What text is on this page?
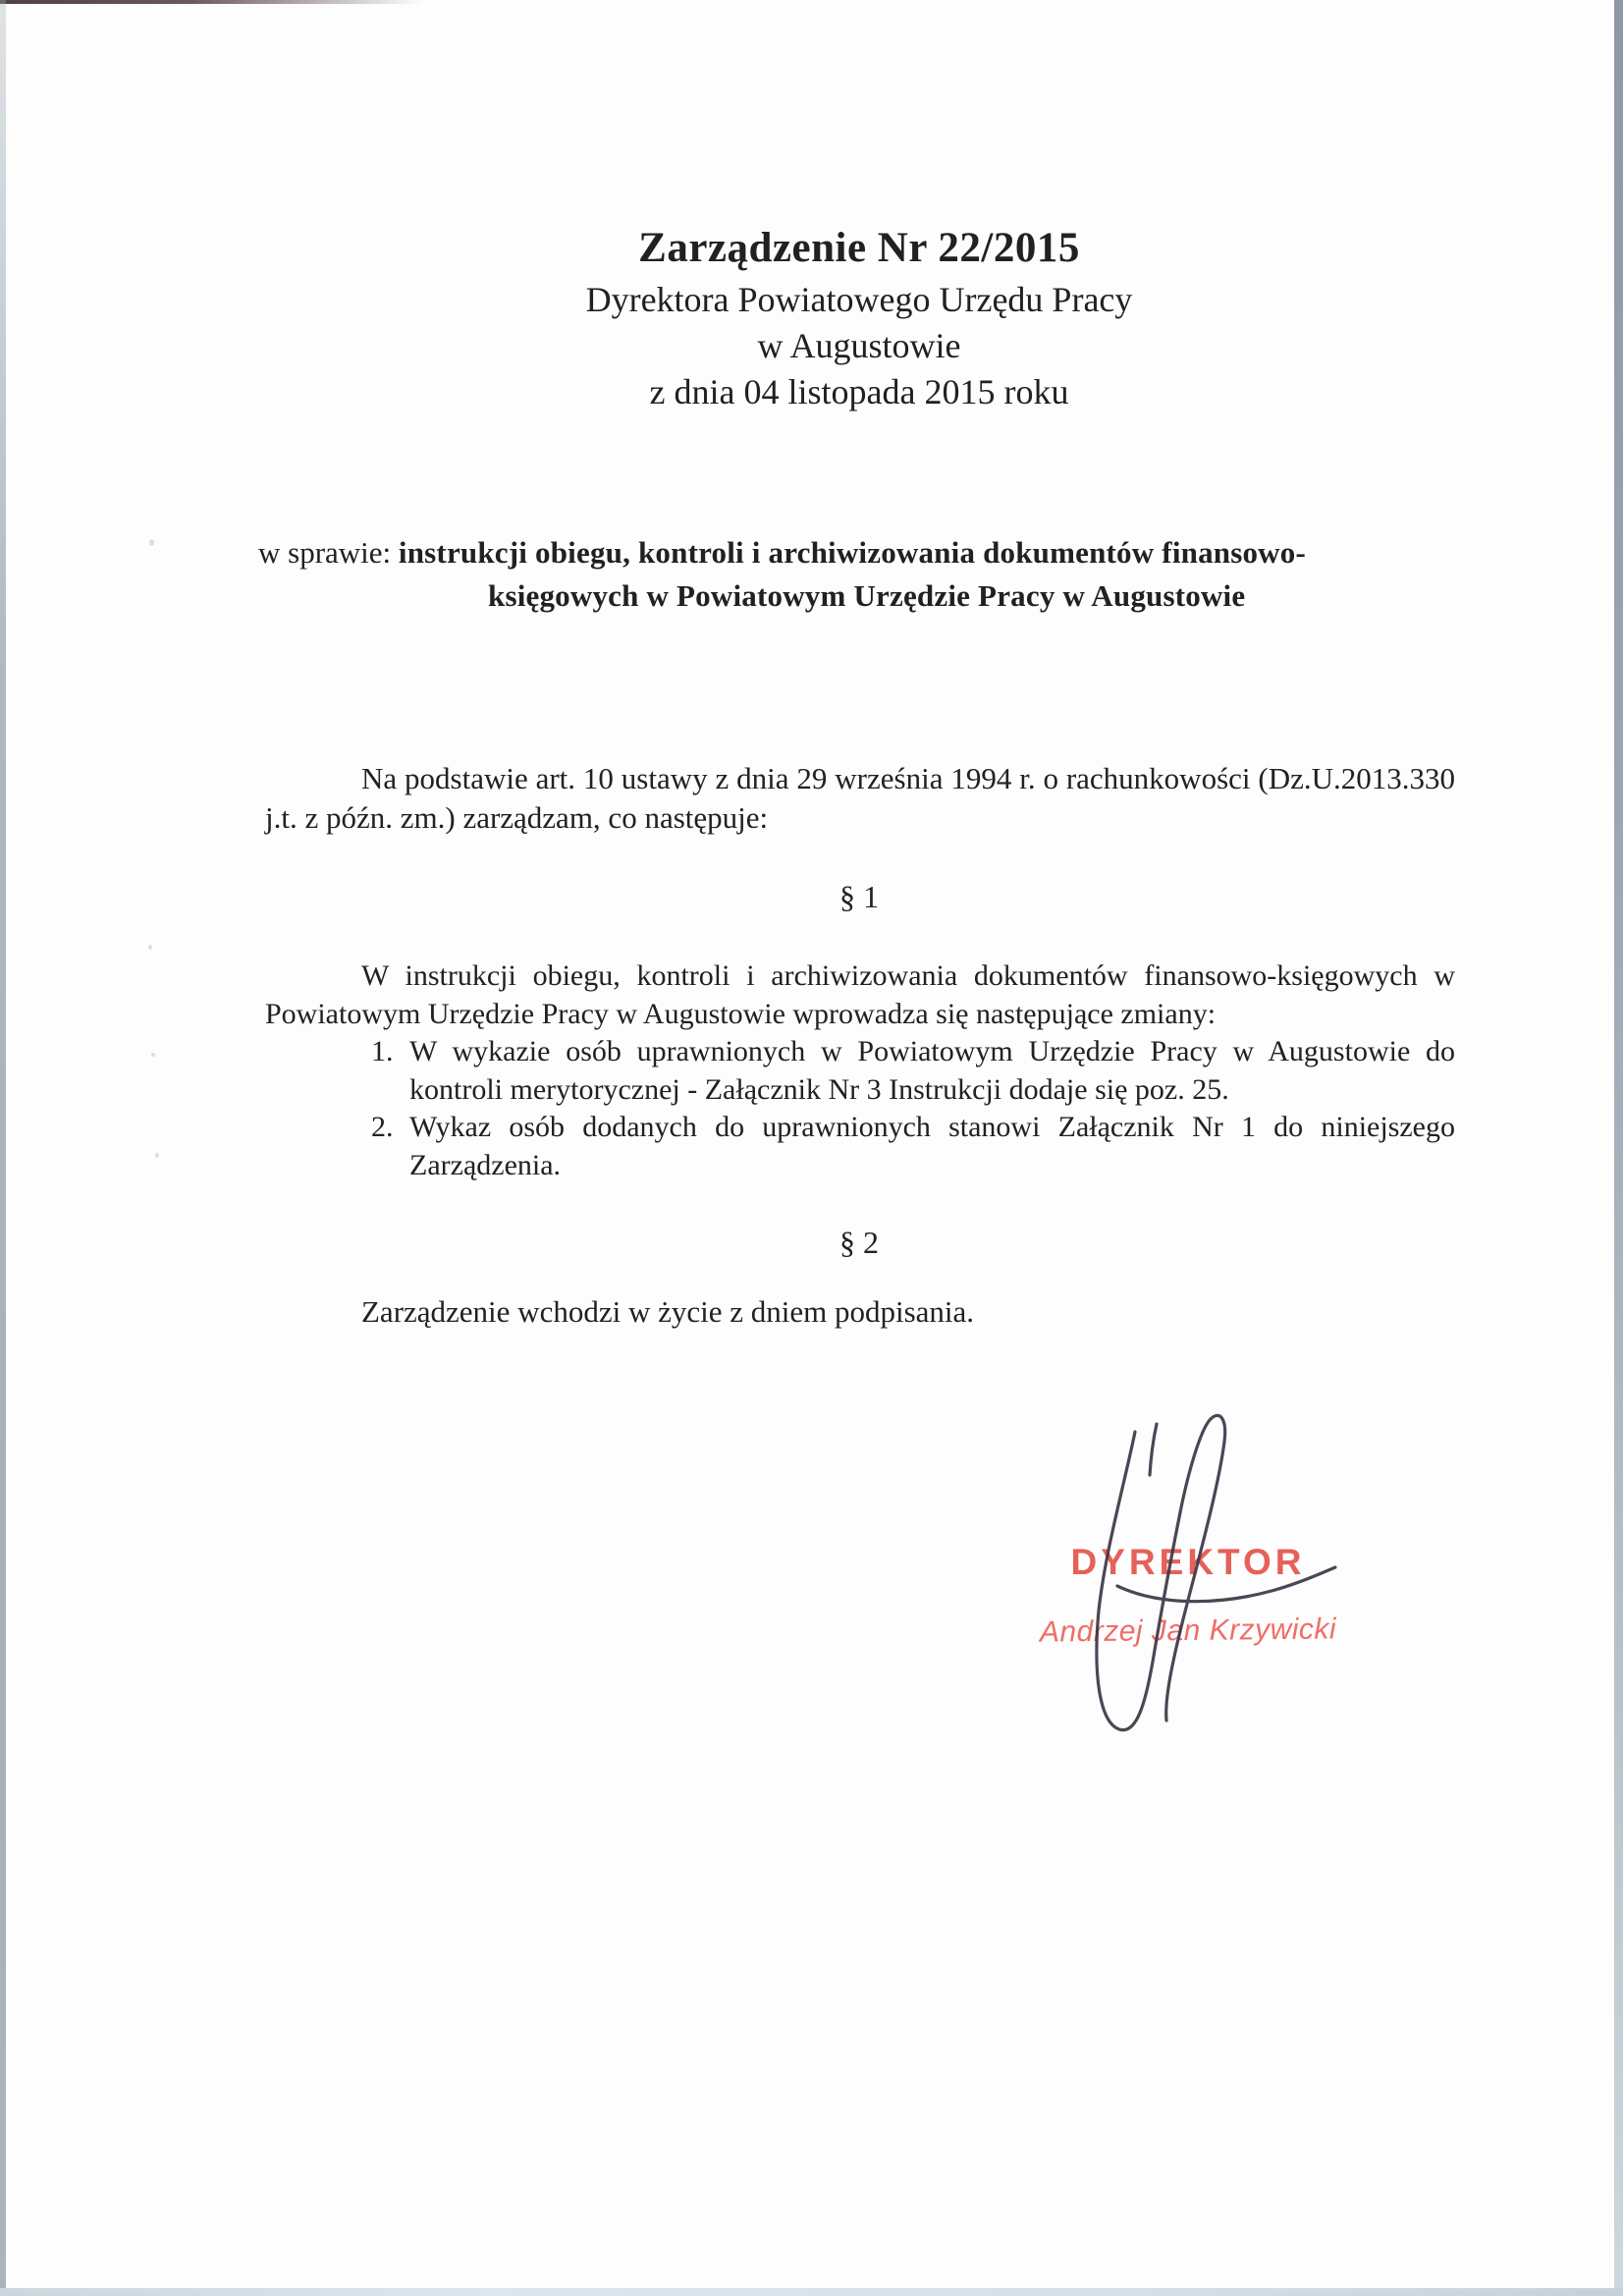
Zarządzenie Nr 22/2015
Dyrektora Powiatowego Urzędu Pracy
w Augustowie
z dnia 04 listopada 2015 roku
w sprawie: instrukcji obiegu, kontroli i archiwizowania dokumentów finansowo-
księgowych w Powiatowym Urzędzie Pracy w Augustowie

Na podstawie art. 10 ustawy z dnia 29 września 1994 r. o rachunkowości (Dz.U.2013.330 j.t. z późn. zm.) zarządzam, co następuje:

§ 1

W instrukcji obiegu, kontroli i archiwizowania dokumentów finansowo-księgowych w Powiatowym Urzędzie Pracy w Augustowie wprowadza się następujące zmiany:

1. W wykazie osób uprawnionych w Powiatowym Urzędzie Pracy w Augustowie do kontroli merytorycznej - Załącznik Nr 3 Instrukcji dodaje się poz. 25.
2. Wykaz osób dodanych do uprawnionych stanowi Załącznik Nr 1 do niniejszego Zarządzenia.
§ 2
Zarządzenie wchodzi w życie z dniem podpisania.
DYREKTOR
Andrzej Jan Krzywicki
